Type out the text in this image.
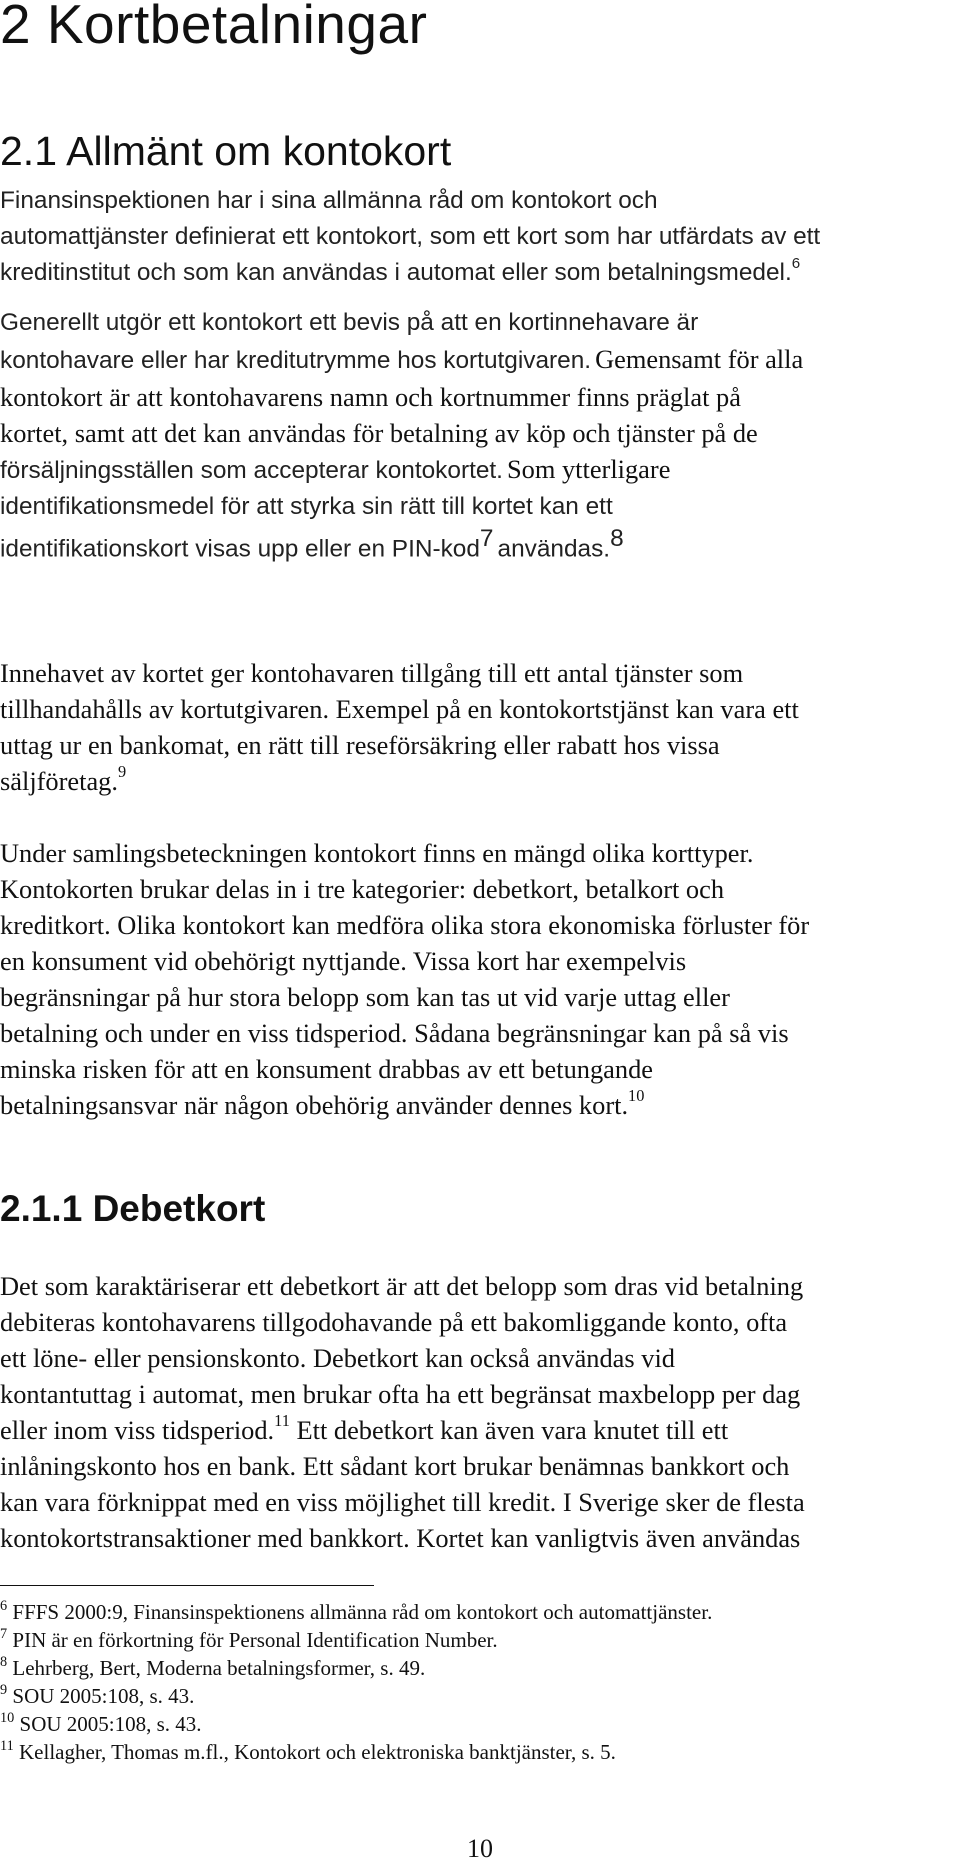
2 Kortbetalningar
2.1 Allmänt om kontokort
Finansinspektionen har i sina allmänna råd om kontokort och
automattjänster definierat ett kontokort, som ett kort som har utfärdats av ett
kreditinstitut och som kan användas i automat eller som betalningsmedel.$^6$
Generellt utgör ett kontokort ett bevis på att en kortinnehavare är
kontohavare eller har kreditutrymme hos kortutgivaren. Gemensamt för alla
kontokort är att kontohavarens namn och kortnummer finns präglat på
kortet, samt att det kan användas för betalning av köp och tjänster på de
försäljningsställen som accepterar kontokortet. Som ytterligare
identifikationsmedel för att styrka sin rätt till kortet kan ett
identifikationskort visas upp eller en PIN-kod$^7$ användas.$^8$
Innehavet av kortet ger kontohavaren tillgång till ett antal tjänster som
tillhandahålls av kortutgivaren. Exempel på en kontokortstjänst kan vara ett
uttag ur en bankomat, en rätt till reseförsäkring eller rabatt hos vissa
säljföretag.$^9$
Under samlingsbeteckningen kontokort finns en mängd olika korttyper.
Kontokorten brukar delas in i tre kategorier: debetkort, betalkort och
kreditkort. Olika kontokort kan medföra olika stora ekonomiska förluster för
en konsument vid obehörigt nyttjande. Vissa kort har exempelvis
begränsningar på hur stora belopp som kan tas ut vid varje uttag eller
betalning och under en viss tidsperiod. Sådana begränsningar kan på så vis
minska risken för att en konsument drabbas av ett betungande
betalningsansvar när någon obehörig använder dennes kort.$^{10}$
2.1.1 Debetkort
Det som karaktäriserar ett debetkort är att det belopp som dras vid betalning
debiteras kontohavarens tillgodohavande på ett bakomliggande konto, ofta
ett löne- eller pensionskonto. Debetkort kan också användas vid
kontantuttag i automat, men brukar ofta ha ett begränsat maxbelopp per dag
eller inom viss tidsperiod.$^{11}$ Ett debetkort kan även vara knutet till ett
inlåningskonto hos en bank. Ett sådant kort brukar benämnas bankkort och
kan vara förknippat med en viss möjlighet till kredit. I Sverige sker de flesta
kontokortstransaktioner med bankkort. Kortet kan vanligtvis även användas

$^6$ FFFS 2000:9, Finansinspektionens allmänna råd om kontokort och automattjänster.

$^7$ PIN är en förkortning för Personal Identification Number.

$^8$ Lehrberg, Bert, Moderna betalningsformer, s. 49.

$^9$ SOU 2005:108, s. 43.

$^{10}$ SOU 2005:108, s. 43.

$^{11}$ Kellagher, Thomas m.fl., Kontokort och elektroniska banktjänster, s. 5.

10
